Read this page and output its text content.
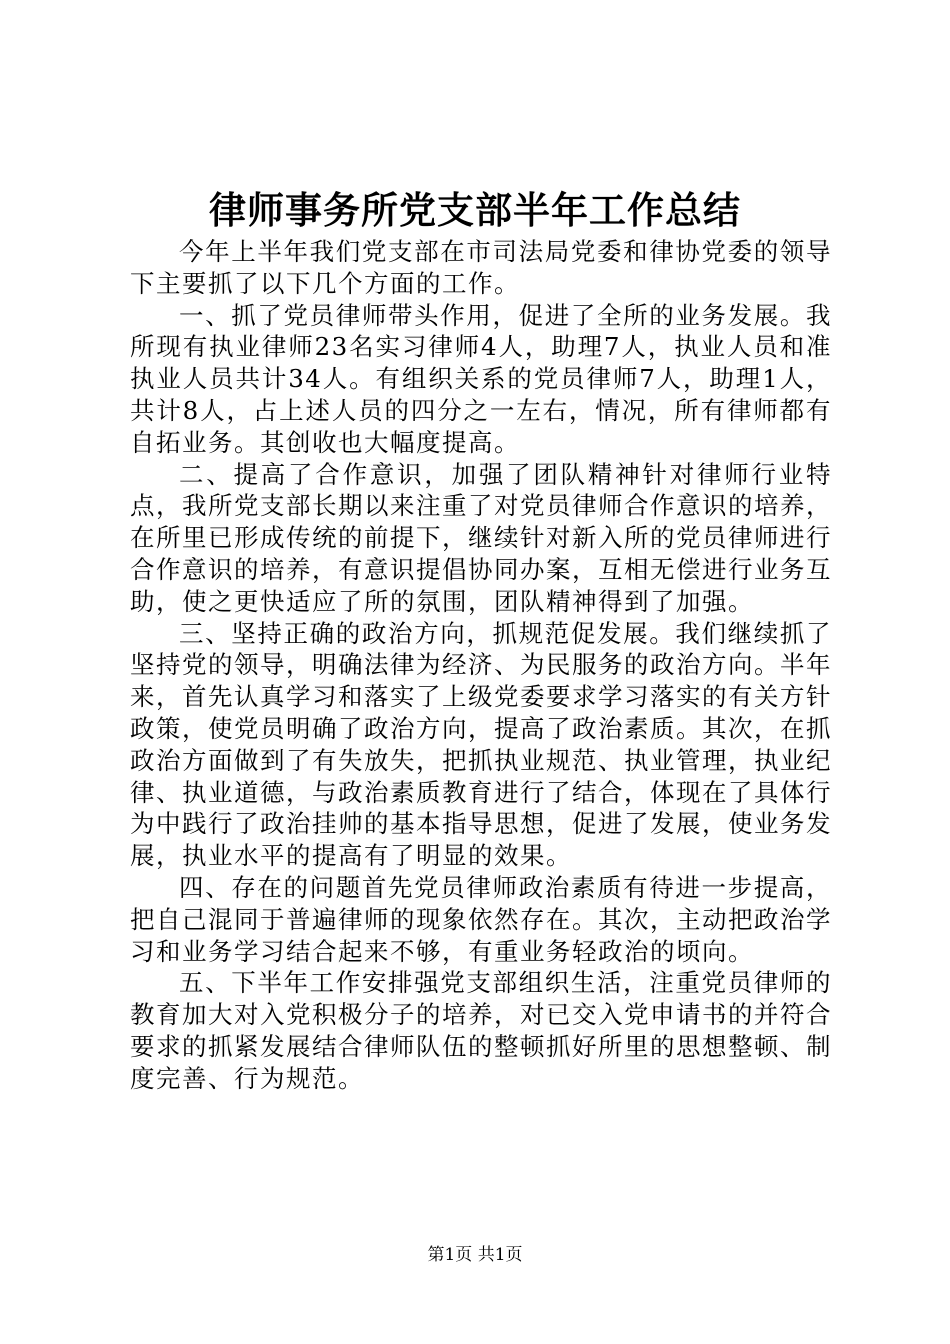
律师事务所党支部半年工作总结

今年上半年我们党支部在市司法局党委和律协党委的领导下主要抓了以下几个方面的工作。

一、抓了党员律师带头作用，促进了全所的业务发展。我所现有执业律师23名实习律师4人，助理7人，执业人员和准执业人员共计34人。有组织关系的党员律师7人，助理1人，共计8人，占上述人员的四分之一左右，情况，所有律师都有自拓业务。其创收也大幅度提高。

二、提高了合作意识，加强了团队精神针对律师行业特点，我所党支部长期以来注重了对党员律师合作意识的培养，在所里已形成传统的前提下，继续针对新入所的党员律师进行合作意识的培养，有意识提倡协同办案，互相无偿进行业务互助，使之更快适应了所的氛围，团队精神得到了加强。

三、坚持正确的政治方向，抓规范促发展。我们继续抓了坚持党的领导，明确法律为经济、为民服务的政治方向。半年来，首先认真学习和落实了上级党委要求学习落实的有关方针政策，使党员明确了政治方向，提高了政治素质。其次，在抓政治方面做到了有失放失，把抓执业规范、执业管理，执业纪律、执业道德，与政治素质教育进行了结合，体现在了具体行为中践行了政治挂帅的基本指导思想，促进了发展，使业务发展，执业水平的提高有了明显的效果。

四、存在的问题首先党员律师政治素质有待进一步提高，把自己混同于普遍律师的现象依然存在。其次，主动把政治学习和业务学习结合起来不够，有重业务轻政治的顷向。

五、下半年工作安排强党支部组织生活，注重党员律师的教育加大对入党积极分子的培养，对已交入党申请书的并符合要求的抓紧发展结合律师队伍的整顿抓好所里的思想整顿、制度完善、行为规范。

第1页 共1页
